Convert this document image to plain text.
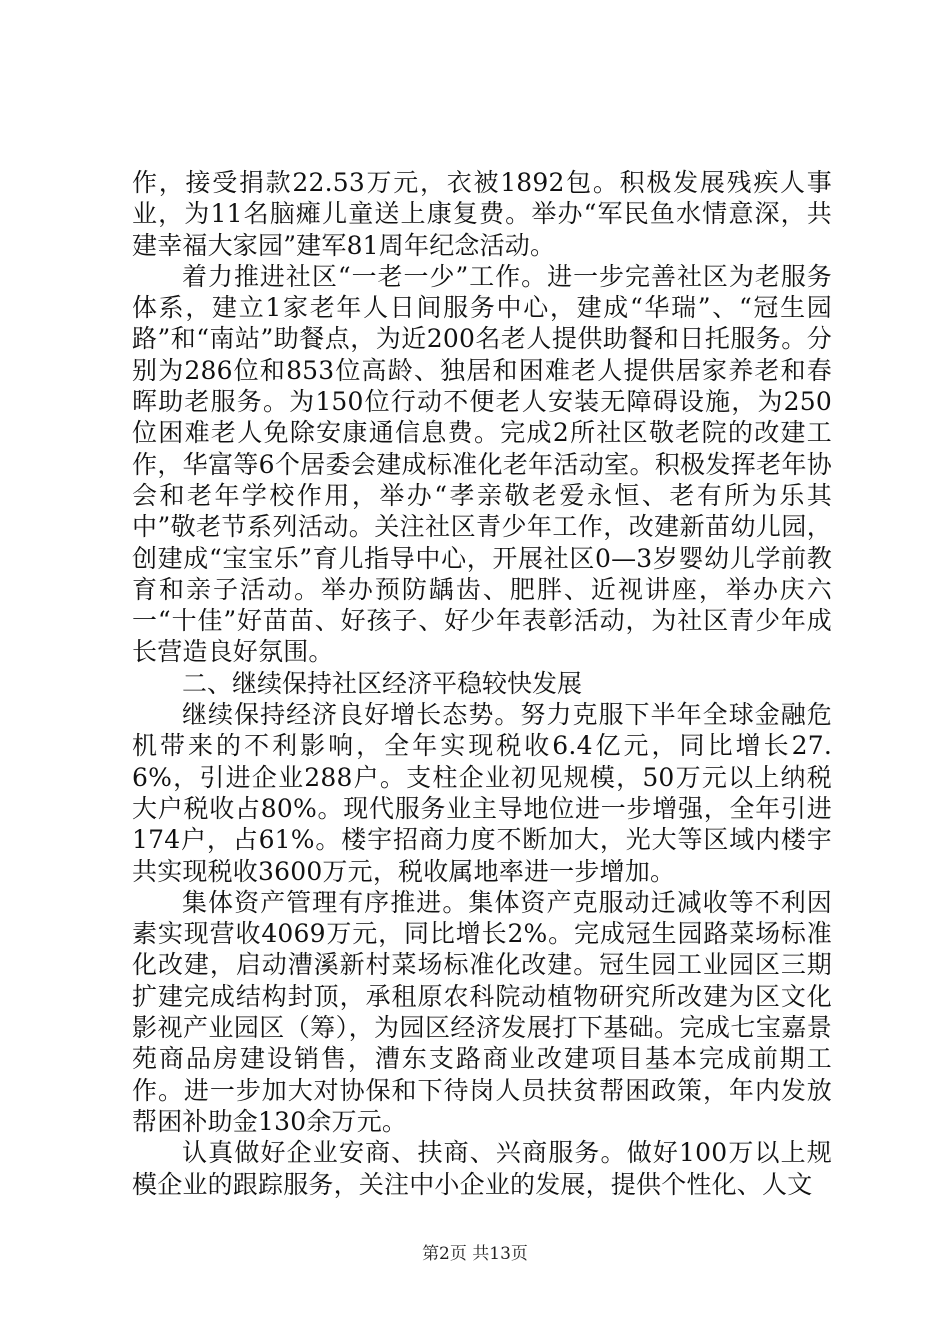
作，接受捐款22.53万元，衣被1892包。积极发展残疾人事业，为11名脑瘫儿童送上康复费。举办“军民鱼水情意深，共建幸福大家园”建军81周年纪念活动。

着力推进社区“一老一少”工作。进一步完善社区为老服务体系，建立1家老年人日间服务中心，建成“华瑞”、“冠生园路”和“南站”助餐点，为近200名老人提供助餐和日托服务。分别为286位和853位高龄、独居和困难老人提供居家养老和春晖助老服务。为150位行动不便老人安装无障碍设施，为250位困难老人免除安康通信息费。完成2所社区敬老院的改建工作，华富等6个居委会建成标准化老年活动室。积极发挥老年协会和老年学校作用，举办“孝亲敬老爱永恒、老有所为乐其中”敬老节系列活动。关注社区青少年工作，改建新苗幼儿园，创建成“宝宝乐”育儿指导中心，开展社区0—3岁婴幼儿学前教育和亲子活动。举办预防龋齿、肥胖、近视讲座，举办庆六一“十佳”好苗苗、好孩子、好少年表彰活动，为社区青少年成长营造良好氛围。

二、继续保持社区经济平稳较快发展

继续保持经济良好增长态势。努力克服下半年全球金融危机带来的不利影响，全年实现税收6.4亿元，同比增长27.6%，引进企业288户。支柱企业初见规模，50万元以上纳税大户税收占80%。现代服务业主导地位进一步增强，全年引进174户，占61%。楼宇招商力度不断加大，光大等区域内楼宇共实现税收3600万元，税收属地率进一步增加。

集体资产管理有序推进。集体资产克服动迁减收等不利因素实现营收4069万元，同比增长2%。完成冠生园路菜场标准化改建，启动漕溪新村菜场标准化改建。冠生园工业园区三期扩建完成结构封顶，承租原农科院动植物研究所改建为区文化影视产业园区（筹），为园区经济发展打下基础。完成七宝嘉景苑商品房建设销售，漕东支路商业改建项目基本完成前期工作。进一步加大对协保和下待岗人员扶贫帮困政策，年内发放帮困补助金130余万元。

认真做好企业安商、扶商、兴商服务。做好100万以上规模企业的跟踪服务，关注中小企业的发展，提供个性化、人文

第2页 共13页
